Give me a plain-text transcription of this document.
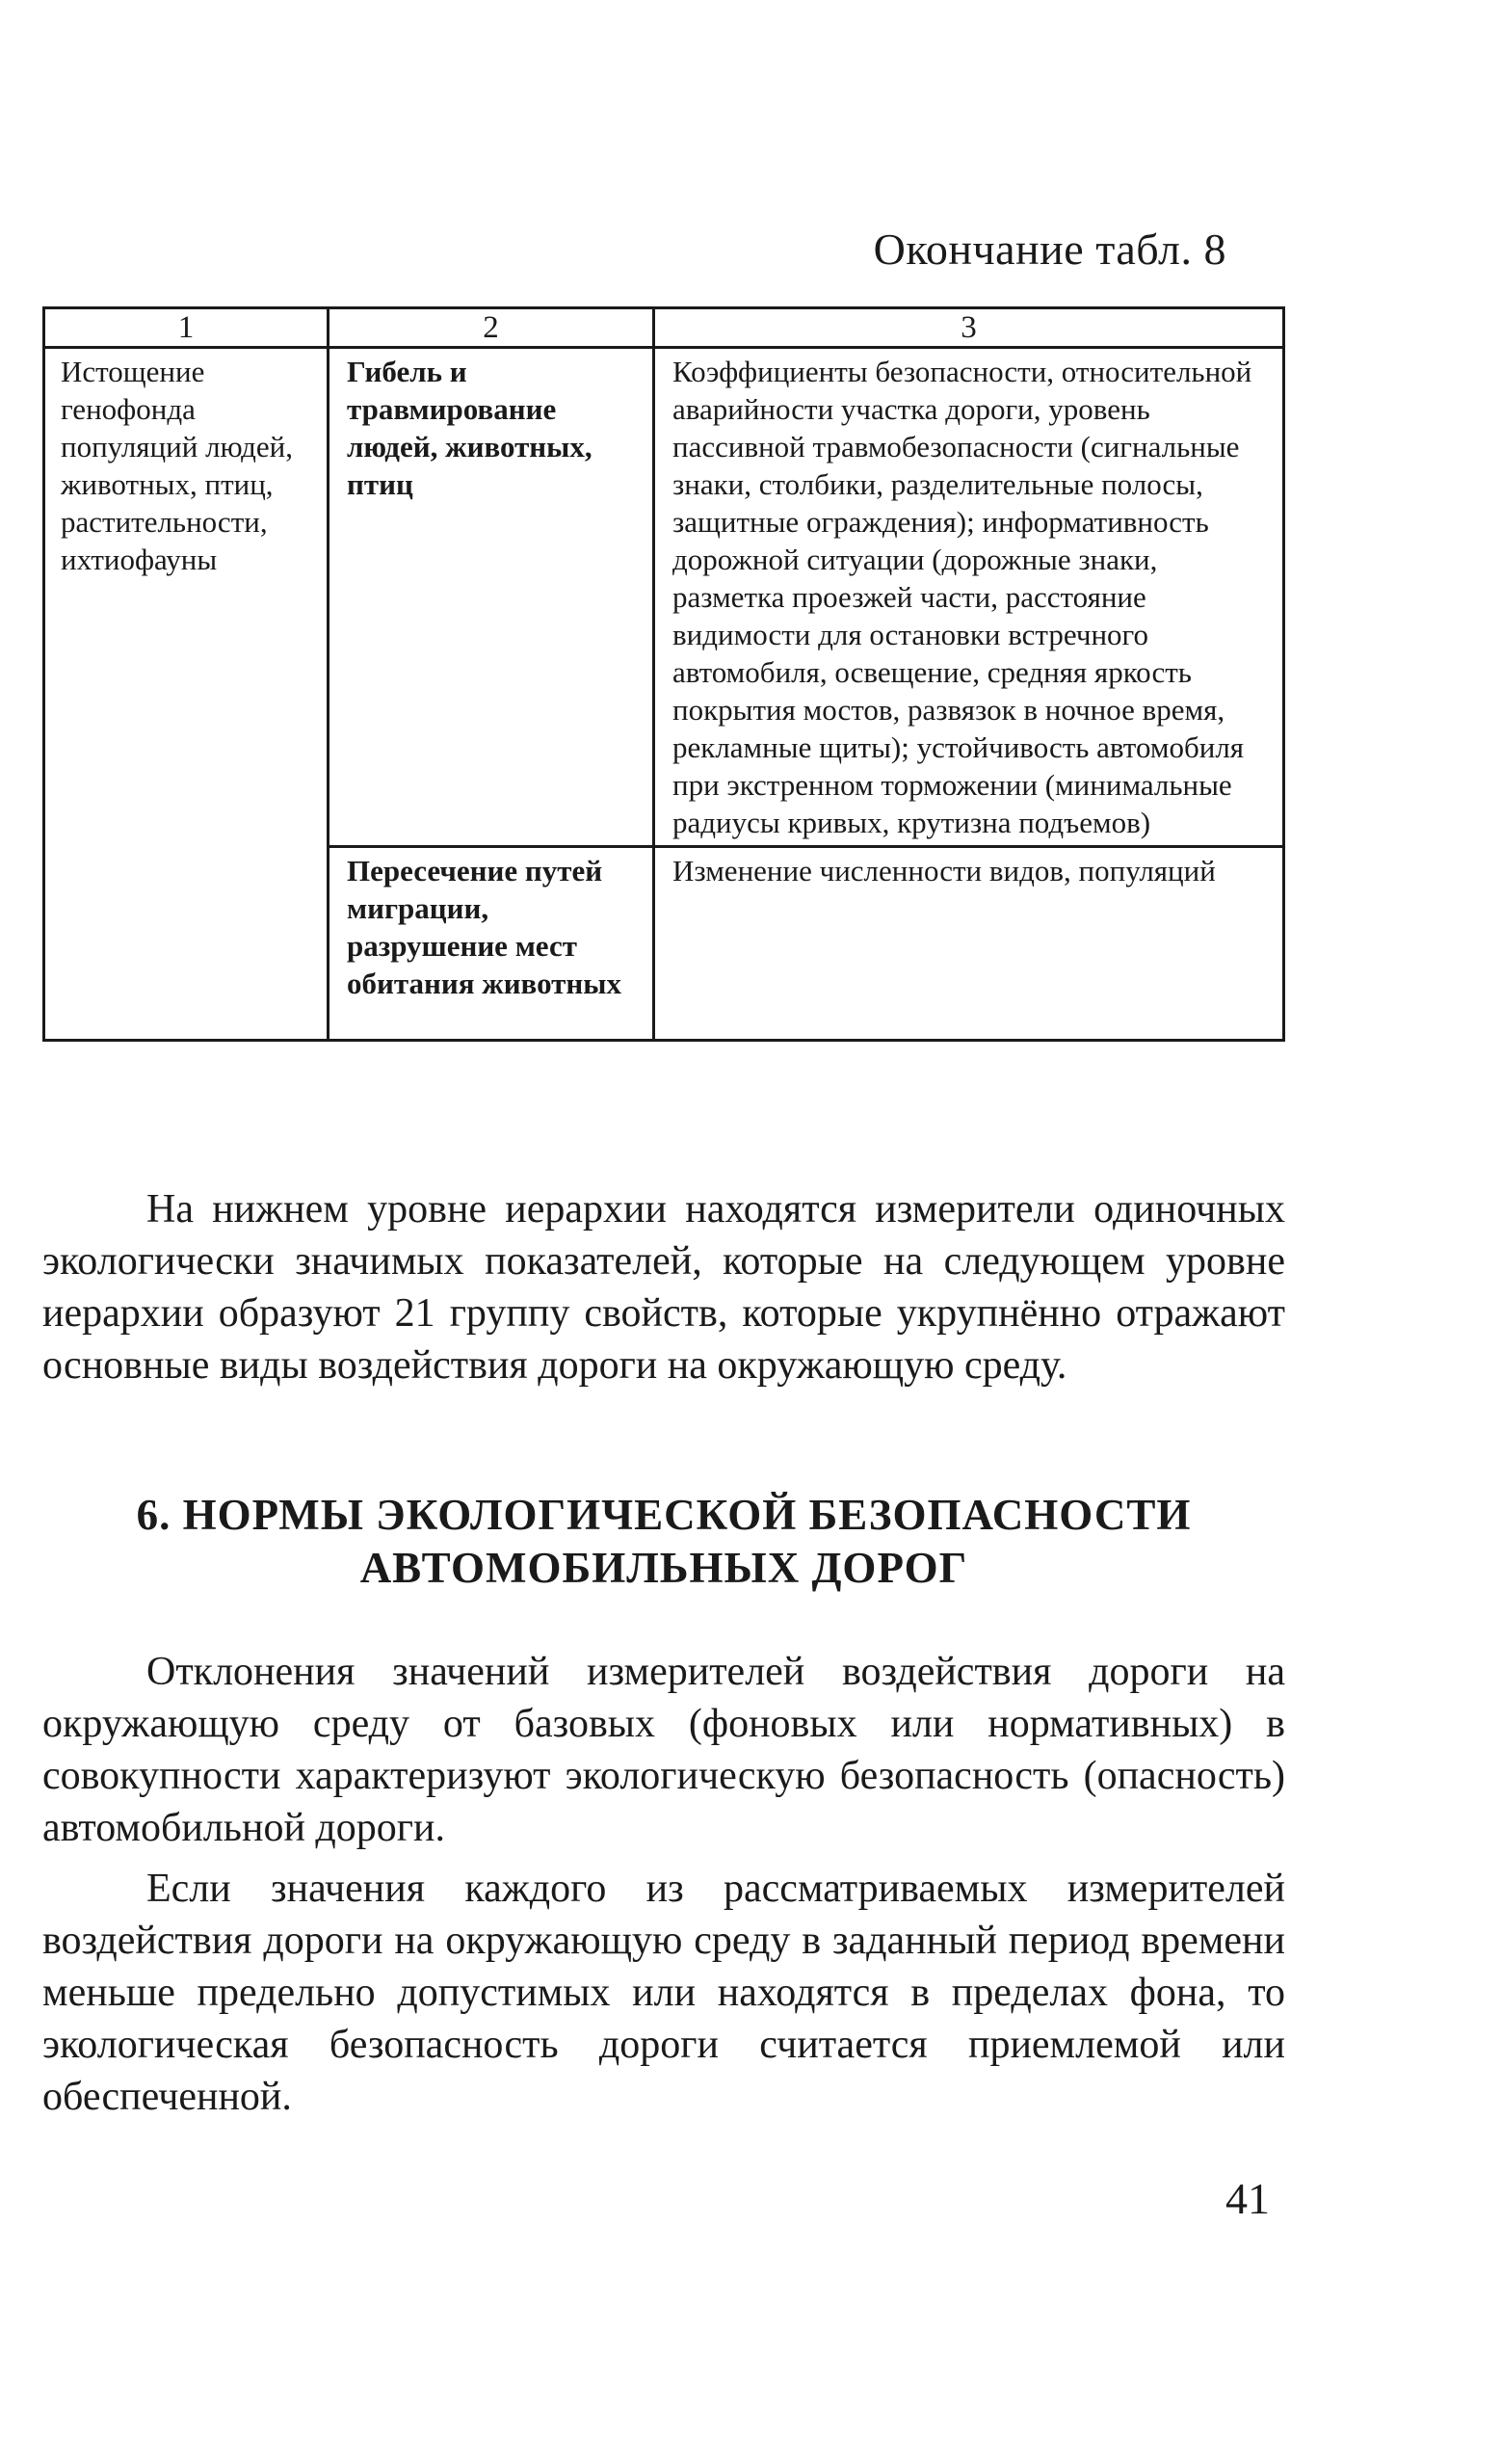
Окончание табл. 8
1	2	3
Истощение генофонда популяций людей, животных, птиц, растительности, ихтиофауны	Гибель и травмирование людей, животных, птиц	Коэффициенты безопасности, относительной аварийности участка дороги, уровень пассивной травмобезопасности (сигнальные знаки, столбики, разделительные полосы, защитные ограждения); информативность дорожной ситуации (дорожные знаки, разметка проезжей части, расстояние видимости для остановки встречного автомобиля, освещение, средняя яркость покрытия мостов, развязок в ночное время, рекламные щиты); устойчивость автомобиля при экстренном торможении (минимальные радиусы кривых, крутизна подъемов)
	Пересечение путей миграции, разрушение мест обитания животных	Изменение численности видов, популяций
На нижнем уровне иерархии находятся измерители одиночных экологически значимых показателей, которые на следующем уровне иерархии образуют 21 группу свойств, которые укрупнённо отражают основные виды воздействия дороги на окружающую среду.
6. НОРМЫ ЭКОЛОГИЧЕСКОЙ БЕЗОПАСНОСТИ
АВТОМОБИЛЬНЫХ ДОРОГ
Отклонения значений измерителей воздействия дороги на окружающую среду от базовых (фоновых или нормативных) в совокупности характеризуют экологическую безопасность (опасность) автомобильной дороги.
Если значения каждого из рассматриваемых измерителей воздействия дороги на окружающую среду в заданный период времени меньше предельно допустимых или находятся в пределах фона, то экологическая безопасность дороги считается приемлемой или обеспеченной.
41
